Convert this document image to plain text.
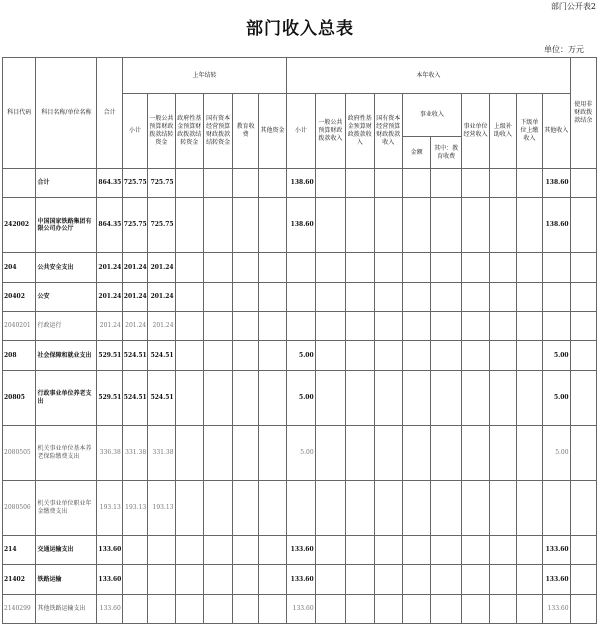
部门公开表2
部门收入总表
单位：万元
科目代码	科目名称/单位名称	合计	上年结转						本年收入										使用非财政拨款结余
			小计	一般公共预算财政拨款结转资金	政府性基金预算财政拨款结转资金	国有资本经营预算财政拨款结转资金	教育收费	其他资金	小计	一般公共预算财政拨款收入	政府性基金预算财政拨款收入	国有资本经营预算财政拨款收入	事业收入		事业单位经营收入	上级补助收入	下级单位上缴收入	其他收入	
													金额	其中：教育收费					
	合计	864.35	725.75	725.75					138.60									138.60	
242002	中国国家铁路集团有限公司办公厅	864.35	725.75	725.75					138.60									138.60	
204	公共安全支出	201.24	201.24	201.24															
20402	公安	201.24	201.24	201.24															
2040201	行政运行	201.24	201.24	201.24															
208	社会保障和就业支出	529.51	524.51	524.51					5.00									5.00	
20805	行政事业单位养老支出	529.51	524.51	524.51					5.00									5.00	
2080505	机关事业单位基本养老保险缴费支出	336.38	331.38	331.38					5.00									5.00	
2080506	机关事业单位职业年金缴费支出	193.13	193.13	193.13															
214	交通运输支出	133.60							133.60									133.60	
21402	铁路运输	133.60							133.60									133.60	
2140299	其他铁路运输支出	133.60							133.60									133.60	
